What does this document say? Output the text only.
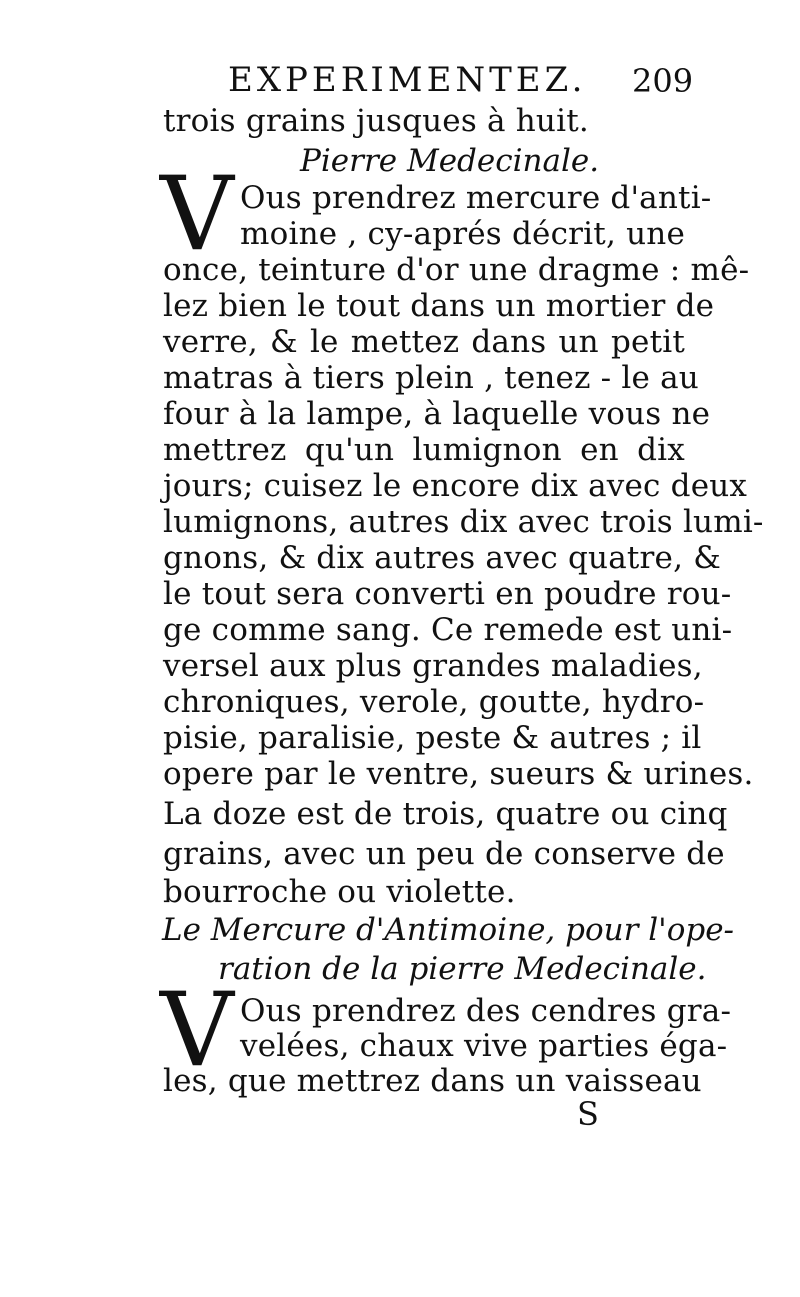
EXPERIMENTEZ. 209
trois grains jusques à huit.
Pierre Medecinale.
V Ous prendrez mercure d'anti-
moine , cy-aprés décrit, une
once, teinture d'or une dragme : mê-
lez bien le tout dans un mortier de
verre, & le mettez dans un petit
matras à tiers plein , tenez - le au
four à la lampe, à laquelle vous ne
mettrez qu'un lumignon en dix
jours; cuisez le encore dix avec deux
lumignons, autres dix avec trois lumi-
gnons, & dix autres avec quatre, &
le tout sera converti en poudre rou-
ge comme sang. Ce remede est uni-
versel aux plus grandes maladies,
chroniques, verole, goutte, hydro-
pisie, paralisie, peste & autres ; il
opere par le ventre, sueurs & urines.
La doze est de trois, quatre ou cinq
grains, avec un peu de conserve de
bourroche ou violette.
Le Mercure d'Antimoine, pour l'ope-
ration de la pierre Medecinale.
V Ous prendrez des cendres gra-
velées, chaux vive parties éga-
les, que mettrez dans un vaisseau
S
